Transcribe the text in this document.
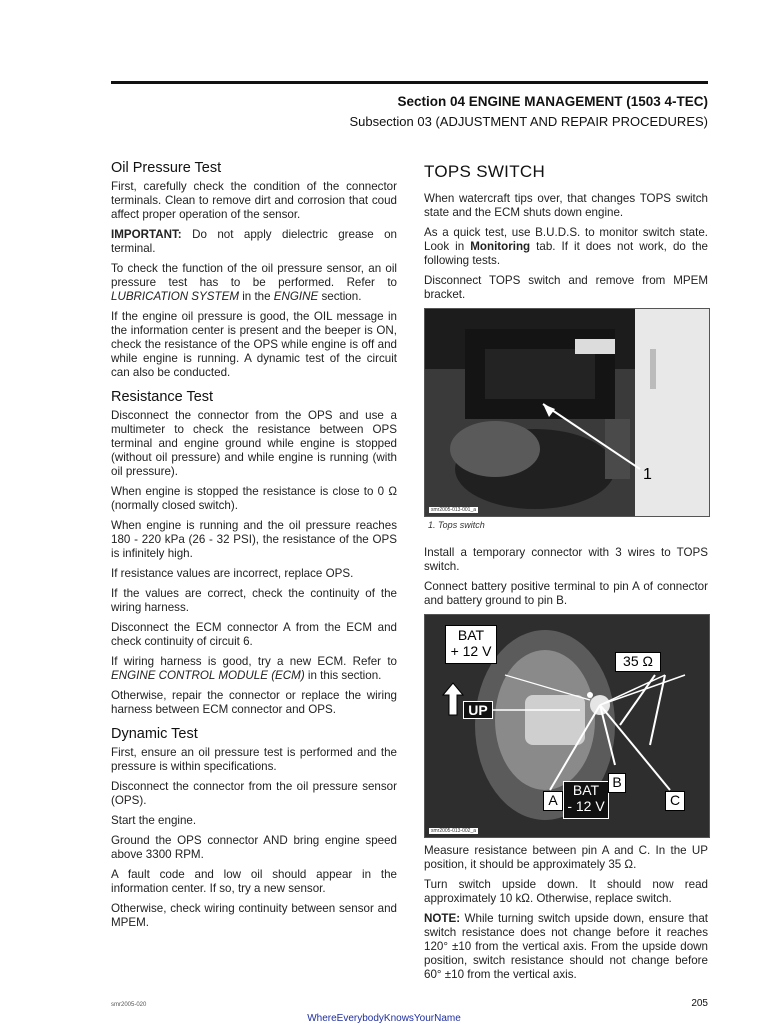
Section 04 ENGINE MANAGEMENT (1503 4-TEC)
Subsection 03 (ADJUSTMENT AND REPAIR PROCEDURES)
Oil Pressure Test

First, carefully check the condition of the connector terminals. Clean to remove dirt and corrosion that coud affect proper operation of the sensor.

IMPORTANT: Do not apply dielectric grease on terminal.

To check the function of the oil pressure sensor, an oil pressure test has to be performed. Refer to LUBRICATION SYSTEM in the ENGINE section.

If the engine oil pressure is good, the OIL message in the information center is present and the beeper is ON, check the resistance of the OPS while engine is off and while engine is running. A dynamic test of the circuit can also be conducted.

Resistance Test

Disconnect the connector from the OPS and use a multimeter to check the resistance between OPS terminal and engine ground while engine is stopped (without oil pressure) and while engine is running (with oil pressure).

When engine is stopped the resistance is close to 0 Ω (normally closed switch).

When engine is running and the oil pressure reaches 180 - 220 kPa (26 - 32 PSI), the resistance of the OPS is infinitely high.

If resistance values are incorrect, replace OPS.

If the values are correct, check the continuity of the wiring harness.

Disconnect the ECM connector A from the ECM and check continuity of circuit 6.

If wiring harness is good, try a new ECM. Refer to ENGINE CONTROL MODULE (ECM) in this section.

Otherwise, repair the connector or replace the wiring harness between ECM connector and OPS.

Dynamic Test

First, ensure an oil pressure test is performed and the pressure is within specifications.

Disconnect the connector from the oil pressure sensor (OPS).

Start the engine.

Ground the OPS connector AND bring engine speed above 3300 RPM.

A fault code and low oil should appear in the information center. If so, try a new sensor.

Otherwise, check wiring continuity between sensor and MPEM.

TOPS SWITCH

When watercraft tips over, that changes TOPS switch state and the ECM shuts down engine.

As a quick test, use B.U.D.S. to monitor switch state. Look in Monitoring tab. If it does not work, do the following tests.

Disconnect TOPS switch and remove from MPEM bracket.

1
smr2005-013-001_a
1. Tops switch

Install a temporary connector with 3 wires to TOPS switch.

Connect battery positive terminal to pin A of connector and battery ground to pin B.

BAT
+ 12 V
35 Ω
UP
BAT
- 12 V
A
B
C
smr2005-013-002_a

Measure resistance between pin A and C. In the UP position, it should be approximately 35 Ω.

Turn switch upside down. It should now read approximately 10 kΩ. Otherwise, replace switch.

NOTE: While turning switch upside down, ensure that switch resistance does not change before it reaches 120° ±10 from the vertical axis. From the upside down position, switch resistance should not change before 60° ±10 from the vertical axis.

smr2005-020	205
WhereEverybodyKnowsYourName
